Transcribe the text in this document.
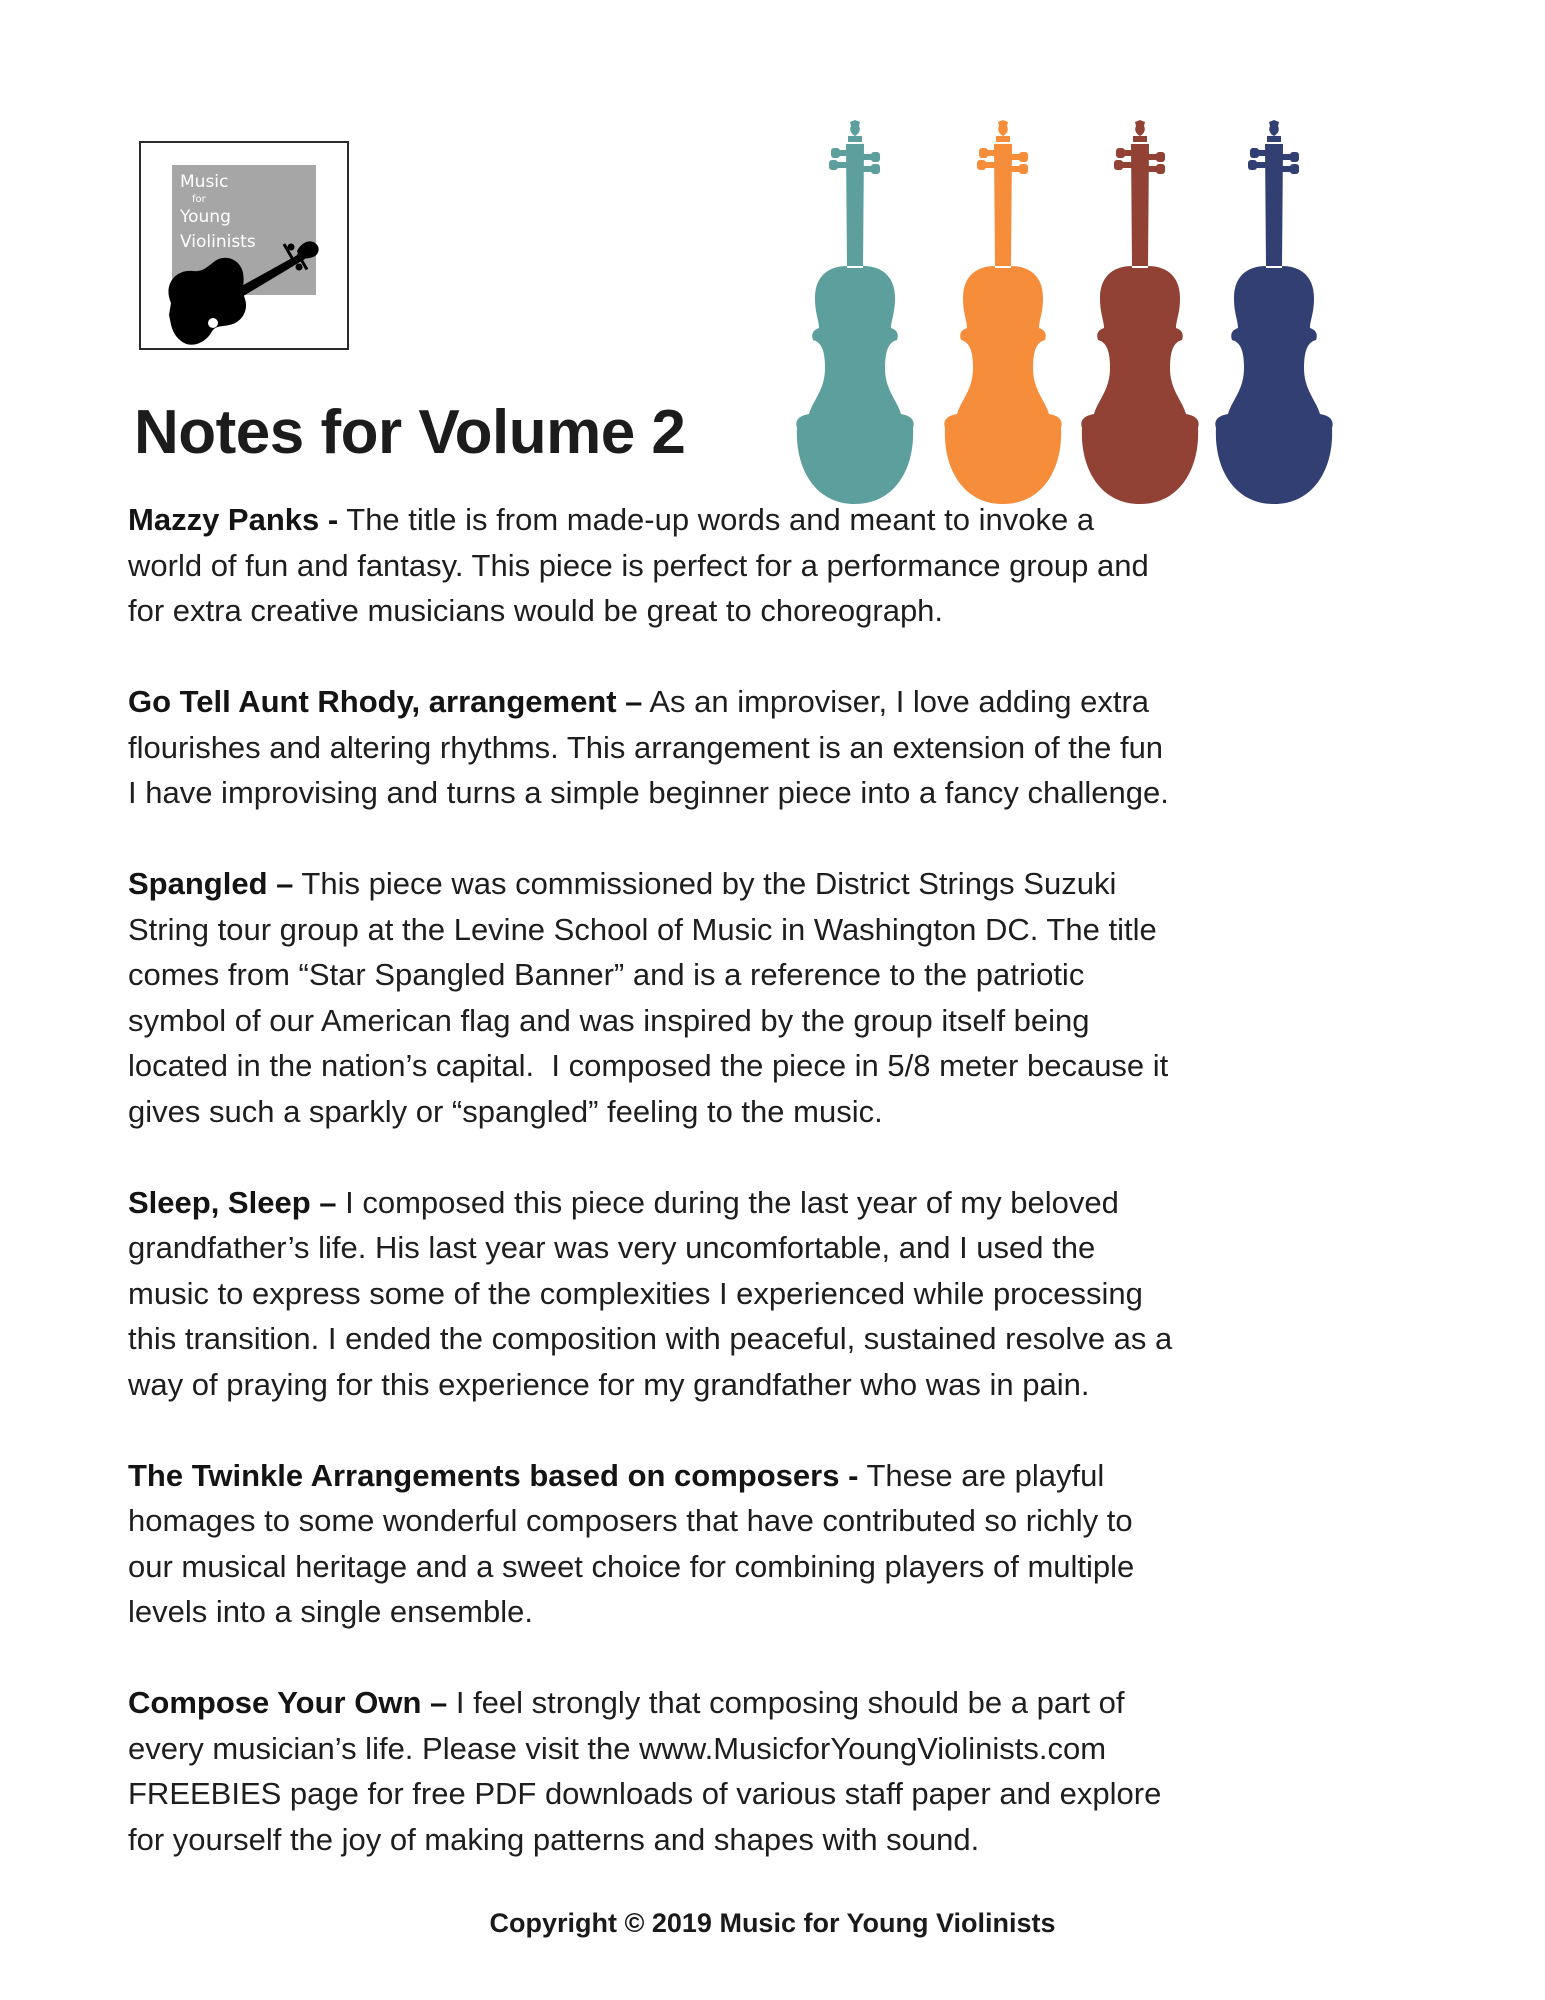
Music
for
Young
Violinists
Notes for Volume 2
Mazzy Panks - The title is from made-up words and meant to invoke a
world of fun and fantasy. This piece is perfect for a performance group and
for extra creative musicians would be great to choreograph.
Go Tell Aunt Rhody, arrangement – As an improviser, I love adding extra
flourishes and altering rhythms. This arrangement is an extension of the fun
I have improvising and turns a simple beginner piece into a fancy challenge.
Spangled – This piece was commissioned by the District Strings Suzuki
String tour group at the Levine School of Music in Washington DC. The title
comes from “Star Spangled Banner” and is a reference to the patriotic
symbol of our American flag and was inspired by the group itself being
located in the nation’s capital.  I composed the piece in 5/8 meter because it
gives such a sparkly or “spangled” feeling to the music.
Sleep, Sleep – I composed this piece during the last year of my beloved
grandfather’s life. His last year was very uncomfortable, and I used the
music to express some of the complexities I experienced while processing
this transition. I ended the composition with peaceful, sustained resolve as a
way of praying for this experience for my grandfather who was in pain.
The Twinkle Arrangements based on composers - These are playful
homages to some wonderful composers that have contributed so richly to
our musical heritage and a sweet choice for combining players of multiple
levels into a single ensemble.
Compose Your Own – I feel strongly that composing should be a part of
every musician’s life. Please visit the www.MusicforYoungViolinists.com
FREEBIES page for free PDF downloads of various staff paper and explore
for yourself the joy of making patterns and shapes with sound.
Copyright © 2019 Music for Young Violinists
